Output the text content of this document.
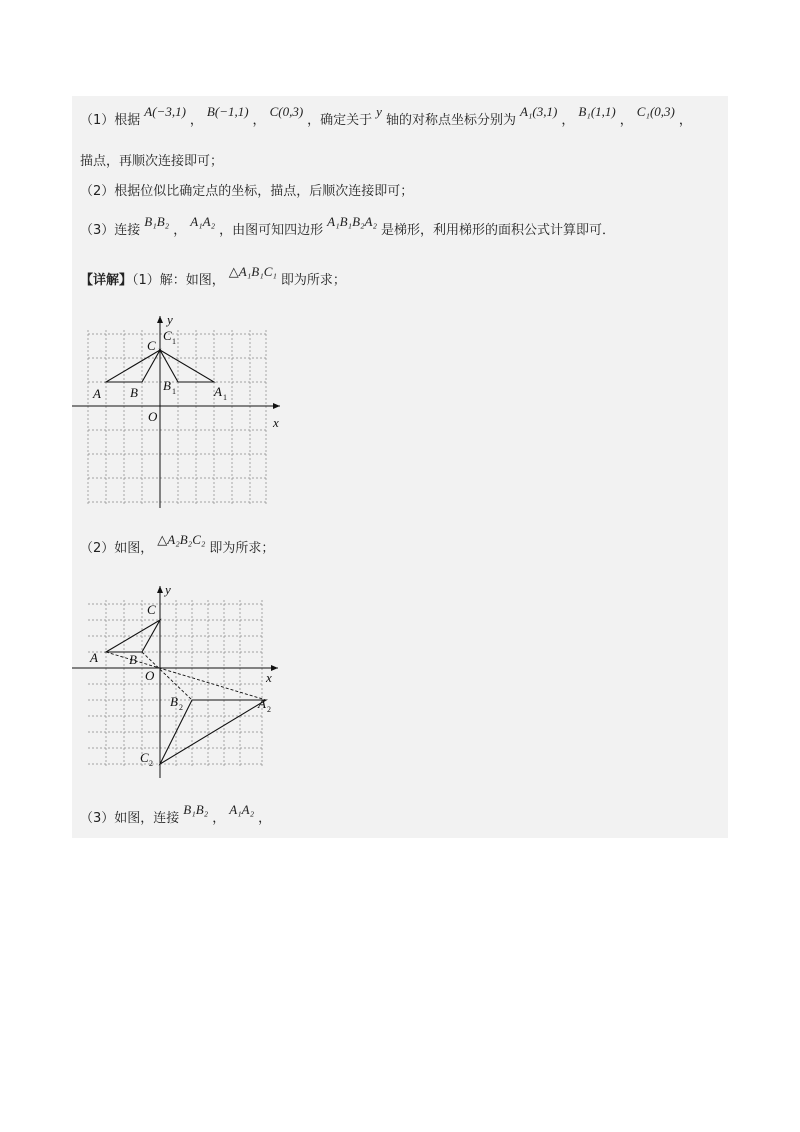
（1）根据A(−3,1)，B(−1,1)，C(0,3)，确定关于y轴的对称点坐标分别为A₁(3,1)，B₁(1,1)，C₁(0,3)，
描点，再顺次连接即可；
（2）根据位似比确定点的坐标，描点，后顺次连接即可；
（3）连接B₁B₂，A₁A₂，由图可知四边形A₁B₁B₂A₂是梯形，利用梯形的面积公式计算即可．
【详解】（1）解：如图，△A₁B₁C₁即为所求；
A B
C
C 1
B 1	A 1
O	x
y
（2）如图，△A₂B₂C₂即为所求；
A B
C
O	x
y
A 2
B 2
C 2
（3）如图，连接B₁B₂，A₁A₂，
